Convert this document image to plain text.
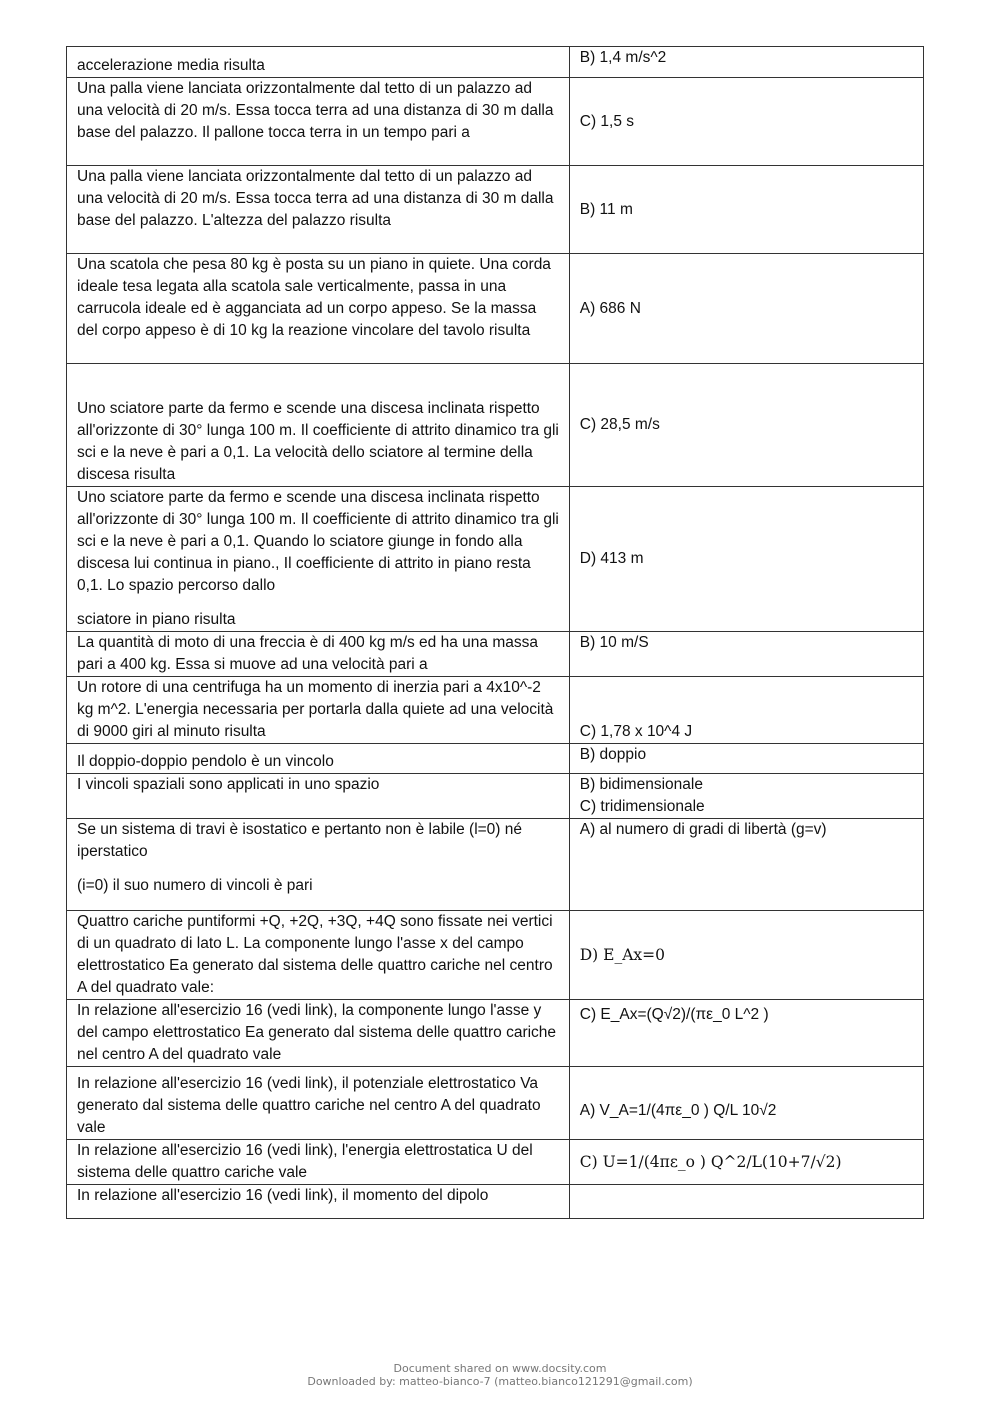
accelerazione media risulta	B) 1,4 m/s^2
Una palla viene lanciata orizzontalmente dal tetto di un palazzo ad una velocità di 20 m/s. Essa tocca terra ad una distanza di 30 m dalla base del palazzo. Il pallone tocca terra in un tempo pari a	C) 1,5 s
Una palla viene lanciata orizzontalmente dal tetto di un palazzo ad una velocità di 20 m/s. Essa tocca terra ad una distanza di 30 m dalla base del palazzo. L'altezza del palazzo risulta	B) 11 m
Una scatola che pesa 80 kg è posta su un piano in quiete. Una corda ideale tesa legata alla scatola sale verticalmente, passa in una carrucola ideale ed è agganciata ad un corpo appeso. Se la massa del corpo appeso è di 10 kg la reazione vincolare del tavolo risulta	A) 686 N
Uno sciatore parte da fermo e scende una discesa inclinata rispetto all'orizzonte di 30° lunga 100 m. Il coefficiente di attrito dinamico tra gli sci e la neve è pari a 0,1. La velocità dello sciatore al termine della discesa risulta	C) 28,5 m/s

Uno sciatore parte da fermo e scende una discesa inclinata rispetto all'orizzonte di 30° lunga 100 m. Il coefficiente di attrito dinamico tra gli sci e la neve è pari a 0,1. Quando lo sciatore giunge in fondo alla discesa lui continua in piano., Il coefficiente di attrito in piano resta 0,1. Lo spazio percorso dallo
sciatore in piano risulta	D) 413 m
La quantità di moto di una freccia è di 400 kg m/s ed ha una massa pari a 400 kg. Essa si muove ad una velocità pari a	B) 10 m/S
Un rotore di una centrifuga ha un momento di inerzia pari a 4x10^-2 kg m^2. L'energia necessaria per portarla dalla quiete ad una velocità di 9000 giri al minuto risulta	C) 1,78 x 10^4 J
Il doppio-doppio pendolo è un vincolo	B) doppio
I vincoli spaziali sono applicati in uno spazio	B) bidimensionale
C) tridimensionale

Se un sistema di travi è isostatico e pertanto non è labile (l=0) né iperstatico
(i=0) il suo numero di vincoli è pari	A) al numero di gradi di libertà (g=v)
Quattro cariche puntiformi +Q, +2Q, +3Q, +4Q sono fissate nei vertici di un quadrato di lato L. La componente lungo l'asse x del campo elettrostatico Ea generato dal sistema delle quattro cariche nel centro A del quadrato vale:	D) E_Ax=0
In relazione all'esercizio 16 (vedi link), la componente lungo l'asse y del campo elettrostatico Ea generato dal sistema delle quattro cariche nel centro A del quadrato vale	C) E_Ax=(Q√2)/(πε_0 L^2 )
In relazione all'esercizio 16 (vedi link), il potenziale elettrostatico Va generato dal sistema delle quattro cariche nel centro A del quadrato vale	A) V_A=1/(4πε_0 ) Q/L 10√2
In relazione all'esercizio 16 (vedi link), l'energia elettrostatica U del sistema delle quattro cariche vale	C) U=1/(4πε_o ) Q^2/L(10+7/√2)
In relazione all'esercizio 16 (vedi link), il momento del dipolo	
Document shared on www.docsity.com
Downloaded by: matteo-bianco-7 (matteo.bianco121291@gmail.com)
